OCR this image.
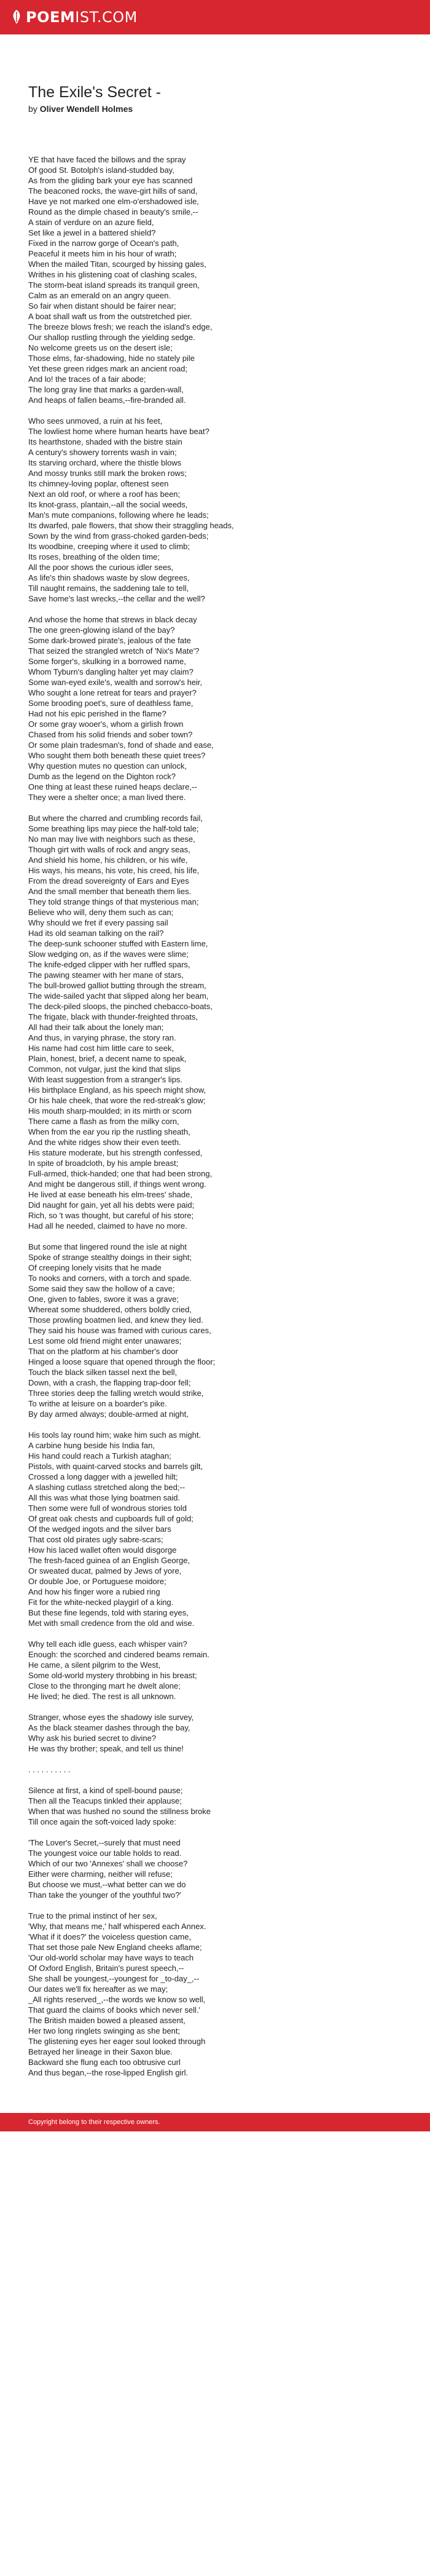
POEM IST.COM
The Exile's Secret -
by Oliver Wendell Holmes
YE that have faced the billows and the spray
Of good St. Botolph's island-studded bay,
As from the gliding bark your eye has scanned
The beaconed rocks, the wave-girt hills of sand,
Have ye not marked one elm-o'ershadowed isle,
Round as the dimple chased in beauty's smile,--
A stain of verdure on an azure field,
Set like a jewel in a battered shield?
Fixed in the narrow gorge of Ocean's path,
Peaceful it meets him in his hour of wrath;
When the mailed Titan, scourged by hissing gales,
Writhes in his glistening coat of clashing scales,
The storm-beat island spreads its tranquil green,
Calm as an emerald on an angry queen.
So fair when distant should be fairer near;
A boat shall waft us from the outstretched pier.
The breeze blows fresh; we reach the island's edge,
Our shallop rustling through the yielding sedge.
No welcome greets us on the desert isle;
Those elms, far-shadowing, hide no stately pile
Yet these green ridges mark an ancient road;
And lo! the traces of a fair abode;
The long gray line that marks a garden-wall,
And heaps of fallen beams,--fire-branded all.
Who sees unmoved, a ruin at his feet,
The lowliest home where human hearts have beat?
Its hearthstone, shaded with the bistre stain
A century's showery torrents wash in vain;
Its starving orchard, where the thistle blows
And mossy trunks still mark the broken rows;
Its chimney-loving poplar, oftenest seen
Next an old roof, or where a roof has been;
Its knot-grass, plantain,--all the social weeds,
Man's mute companions, following where he leads;
Its dwarfed, pale flowers, that show their straggling heads,
Sown by the wind from grass-choked garden-beds;
Its woodbine, creeping where it used to climb;
Its roses, breathing of the olden time;
All the poor shows the curious idler sees,
As life's thin shadows waste by slow degrees,
Till naught remains, the saddening tale to tell,
Save home's last wrecks,--the cellar and the well?
And whose the home that strews in black decay
The one green-glowing island of the bay?
Some dark-browed pirate's, jealous of the fate
That seized the strangled wretch of 'Nix's Mate'?
Some forger's, skulking in a borrowed name,
Whom Tyburn's dangling halter yet may claim?
Some wan-eyed exile's, wealth and sorrow's heir,
Who sought a lone retreat for tears and prayer?
Some brooding poet's, sure of deathless fame,
Had not his epic perished in the flame?
Or some gray wooer's, whom a girlish frown
Chased from his solid friends and sober town?
Or some plain tradesman's, fond of shade and ease,
Who sought them both beneath these quiet trees?
Why question mutes no question can unlock,
Dumb as the legend on the Dighton rock?
One thing at least these ruined heaps declare,--
They were a shelter once; a man lived there.
But where the charred and crumbling records fail,
Some breathing lips may piece the half-told tale;
No man may live with neighbors such as these,
Though girt with walls of rock and angry seas,
And shield his home, his children, or his wife,
His ways, his means, his vote, his creed, his life,
From the dread sovereignty of Ears and Eyes
And the small member that beneath them lies.
They told strange things of that mysterious man;
Believe who will, deny them such as can;
Why should we fret if every passing sail
Had its old seaman talking on the rail?
The deep-sunk schooner stuffed with Eastern lime,
Slow wedging on, as if the waves were slime;
The knife-edged clipper with her ruffled spars,
The pawing steamer with her mane of stars,
The bull-browed galliot butting through the stream,
The wide-sailed yacht that slipped along her beam,
The deck-piled sloops, the pinched chebacco-boats,
The frigate, black with thunder-freighted throats,
All had their talk about the lonely man;
And thus, in varying phrase, the story ran.
His name had cost him little care to seek,
Plain, honest, brief, a decent name to speak,
Common, not vulgar, just the kind that slips
With least suggestion from a stranger's lips.
His birthplace England, as his speech might show,
Or his hale cheek, that wore the red-streak's glow;
His mouth sharp-moulded; in its mirth or scorn
There came a flash as from the milky corn,
When from the ear you rip the rustling sheath,
And the white ridges show their even teeth.
His stature moderate, but his strength confessed,
In spite of broadcloth, by his ample breast;
Full-armed, thick-handed; one that had been strong,
And might be dangerous still, if things went wrong.
He lived at ease beneath his elm-trees' shade,
Did naught for gain, yet all his debts were paid;
Rich, so 't was thought, but careful of his store;
Had all he needed, claimed to have no more.
But some that lingered round the isle at night
Spoke of strange stealthy doings in their sight;
Of creeping lonely visits that he made
To nooks and corners, with a torch and spade.
Some said they saw the hollow of a cave;
One, given to fables, swore it was a grave;
Whereat some shuddered, others boldly cried,
Those prowling boatmen lied, and knew they lied.
They said his house was framed with curious cares,
Lest some old friend might enter unawares;
That on the platform at his chamber's door
Hinged a loose square that opened through the floor;
Touch the black silken tassel next the bell,
Down, with a crash, the flapping trap-door fell;
Three stories deep the falling wretch would strike,
To writhe at leisure on a boarder's pike.
By day armed always; double-armed at night,
His tools lay round him; wake him such as might.
A carbine hung beside his India fan,
His hand could reach a Turkish ataghan;
Pistols, with quaint-carved stocks and barrels gilt,
Crossed a long dagger with a jewelled hilt;
A slashing cutlass stretched along the bed;--
All this was what those lying boatmen said.
Then some were full of wondrous stories told
Of great oak chests and cupboards full of gold;
Of the wedged ingots and the silver bars
That cost old pirates ugly sabre-scars;
How his laced wallet often would disgorge
The fresh-faced guinea of an English George,
Or sweated ducat, palmed by Jews of yore,
Or double Joe, or Portuguese moidore;
And how his finger wore a rubied ring
Fit for the white-necked playgirl of a king.
But these fine legends, told with staring eyes,
Met with small credence from the old and wise.
Why tell each idle guess, each whisper vain?
Enough: the scorched and cindered beams remain.
He came, a silent pilgrim to the West,
Some old-world mystery throbbing in his breast;
Close to the thronging mart he dwelt alone;
He lived; he died. The rest is all unknown.
Stranger, whose eyes the shadowy isle survey,
As the black steamer dashes through the bay,
Why ask his buried secret to divine?
He was thy brother; speak, and tell us thine!
. . . . . . . . . .
Silence at first, a kind of spell-bound pause;
Then all the Teacups tinkled their applause;
When that was hushed no sound the stillness broke
Till once again the soft-voiced lady spoke:
'The Lover's Secret,--surely that must need
The youngest voice our table holds to read.
Which of our two 'Annexes' shall we choose?
Either were charming, neither will refuse;
But choose we must,--what better can we do
Than take the younger of the youthful two?'
True to the primal instinct of her sex,
'Why, that means me,' half whispered each Annex.
'What if it does?' the voiceless question came,
That set those pale New England cheeks aflame;
'Our old-world scholar may have ways to teach
Of Oxford English, Britain's purest speech,--
She shall be youngest,--youngest for _to-day_,--
Our dates we'll fix hereafter as we may;
_All rights reserved_,--the words we know so well,
That guard the claims of books which never sell.'
The British maiden bowed a pleased assent,
Her two long ringlets swinging as she bent;
The glistening eyes her eager soul looked through
Betrayed her lineage in their Saxon blue.
Backward she flung each too obtrusive curl
And thus began,--the rose-lipped English girl.
Copyright belong to their respective owners.
